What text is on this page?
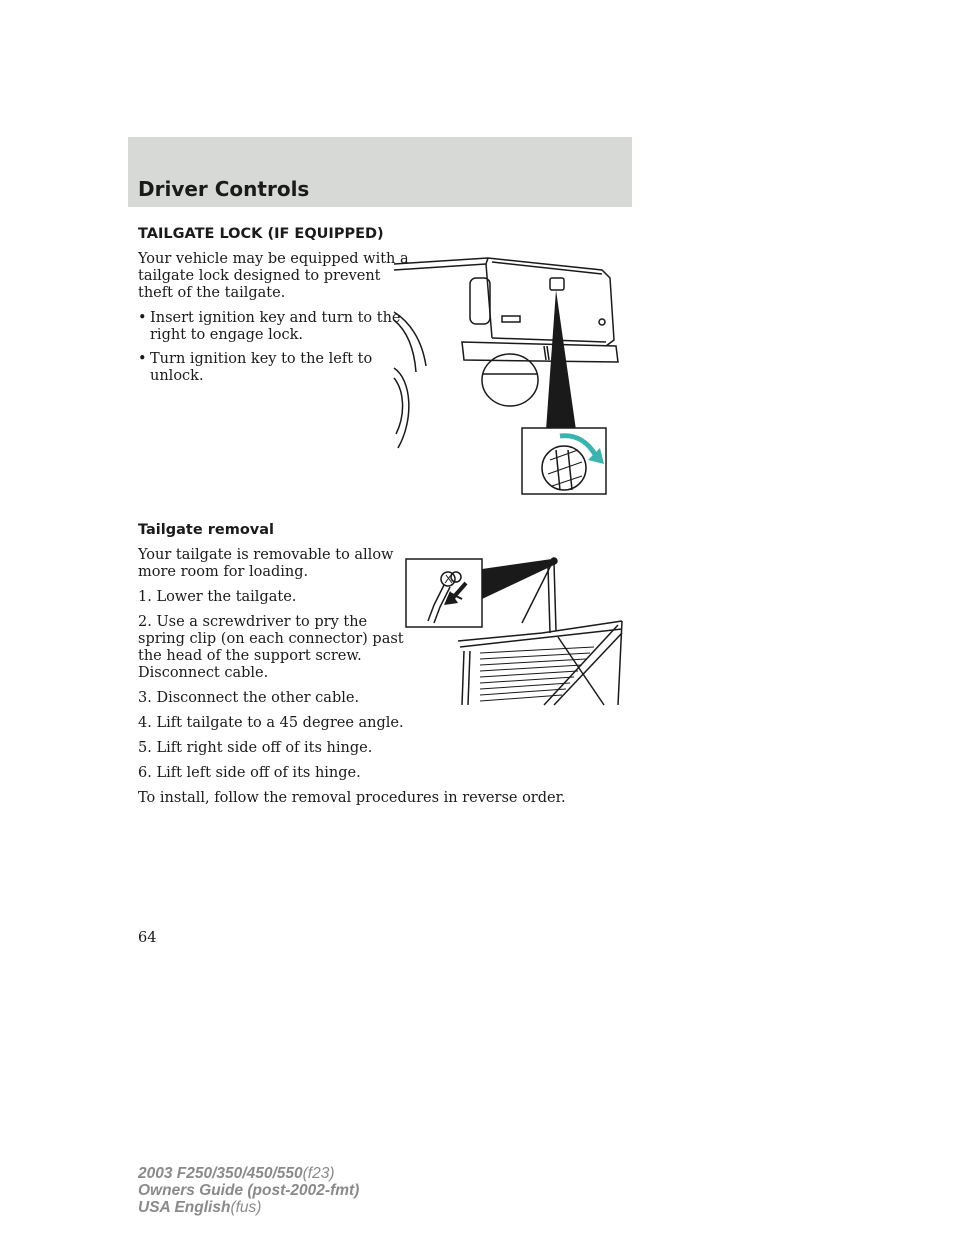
Driver Controls
TAILGATE LOCK (IF EQUIPPED)
Your vehicle may be equipped with a
tailgate lock designed to prevent
theft of the tailgate.
• Insert ignition key and turn to the
right to engage lock.
• Turn ignition key to the left to
unlock.
Tailgate removal
Your tailgate is removable to allow
more room for loading.
1. Lower the tailgate.
2. Use a screwdriver to pry the
spring clip (on each connector) past
the head of the support screw.
Disconnect cable.
3. Disconnect the other cable.
4. Lift tailgate to a 45 degree angle.
5. Lift right side off of its hinge.
6. Lift left side off of its hinge.
To install, follow the removal procedures in reverse order.
64
2003 F250/350/450/550(f23)
Owners Guide (post-2002-fmt)
USA English(fus)
